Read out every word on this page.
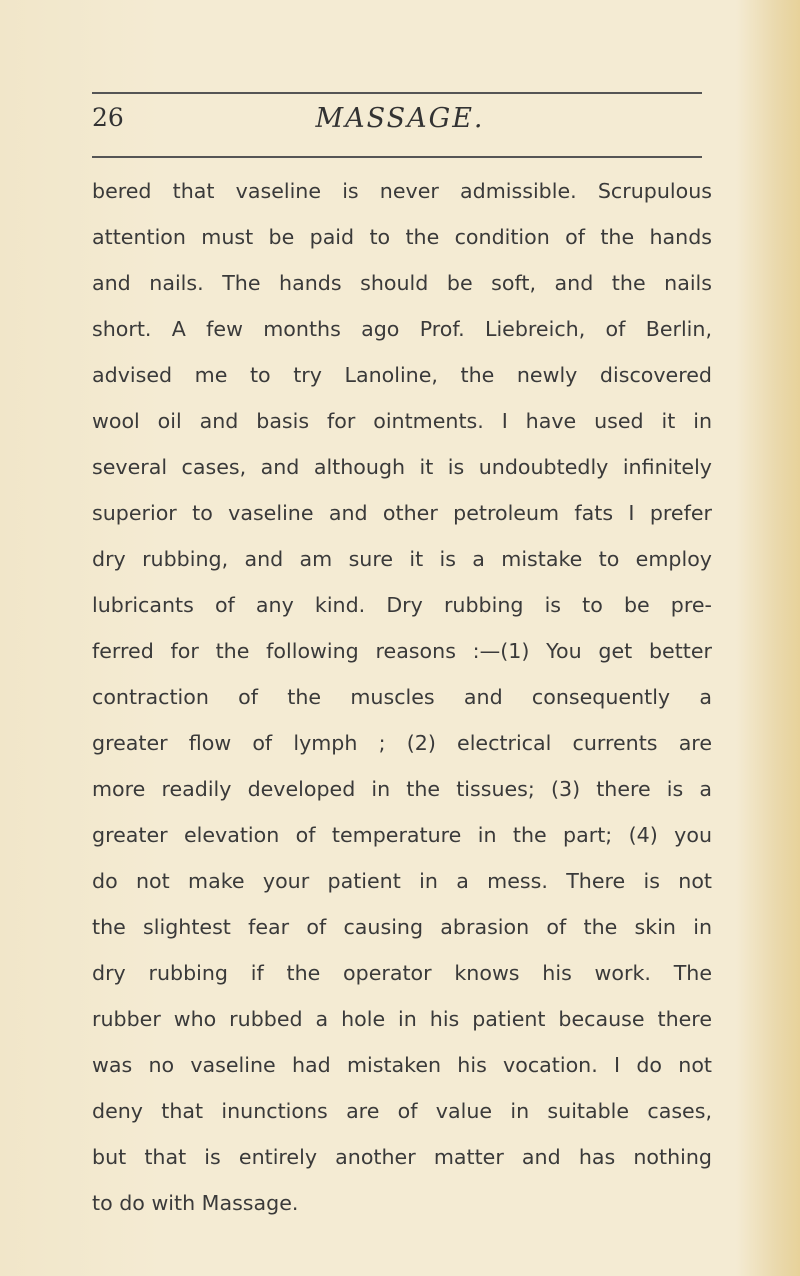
26	MASSAGE.
bered that vaseline is never admissible. Scrupulous
attention must be paid to the condition of the hands
and nails. The hands should be soft, and the nails
short. A few months ago Prof. Liebreich, of Berlin,
advised me to try Lanoline, the newly discovered
wool oil and basis for ointments. I have used it in
several cases, and although it is undoubtedly infinitely
superior to vaseline and other petroleum fats I prefer
dry rubbing, and am sure it is a mistake to employ
lubricants of any kind. Dry rubbing is to be pre-
ferred for the following reasons :—(1) You get better
contraction of the muscles and consequently a
greater flow of lymph ; (2) electrical currents are
more readily developed in the tissues; (3) there is a
greater elevation of temperature in the part; (4) you
do not make your patient in a mess. There is not
the slightest fear of causing abrasion of the skin in
dry rubbing if the operator knows his work. The
rubber who rubbed a hole in his patient because there
was no vaseline had mistaken his vocation. I do not
deny that inunctions are of value in suitable cases,
but that is entirely another matter and has nothing
to do with Massage.
